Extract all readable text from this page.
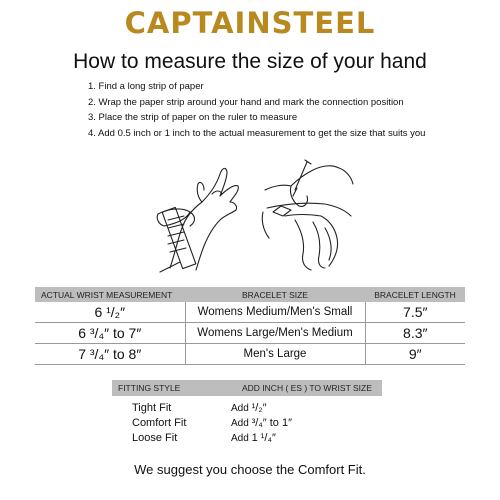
CAPTAINSTEEL
How to measure the size of your hand
1. Find a long strip of paper
2. Wrap the paper strip around your hand and mark the connection position
3. Place the strip of paper on the ruler to measure
4. Add 0.5 inch or 1 inch to the actual measurement to get the size that suits you
ACTUAL WRIST MEASUREMENT	BRACELET SIZE	BRACELET LENGTH
6 ¹/₂″	Womens Medium/Men's Small	7.5″
6 ³/₄″ to 7″	Womens Large/Men's Medium	8.3″
7 ³/₄″ to 8″	Men's Large	9″
FITTING STYLE	ADD INCH ( ES ) TO WRIST SIZE
Tight Fit	Add ¹/₂″
Comfort Fit	Add ³/₄″ to 1″
Loose Fit	Add 1 ¹/₄″
We suggest you choose the Comfort Fit.
